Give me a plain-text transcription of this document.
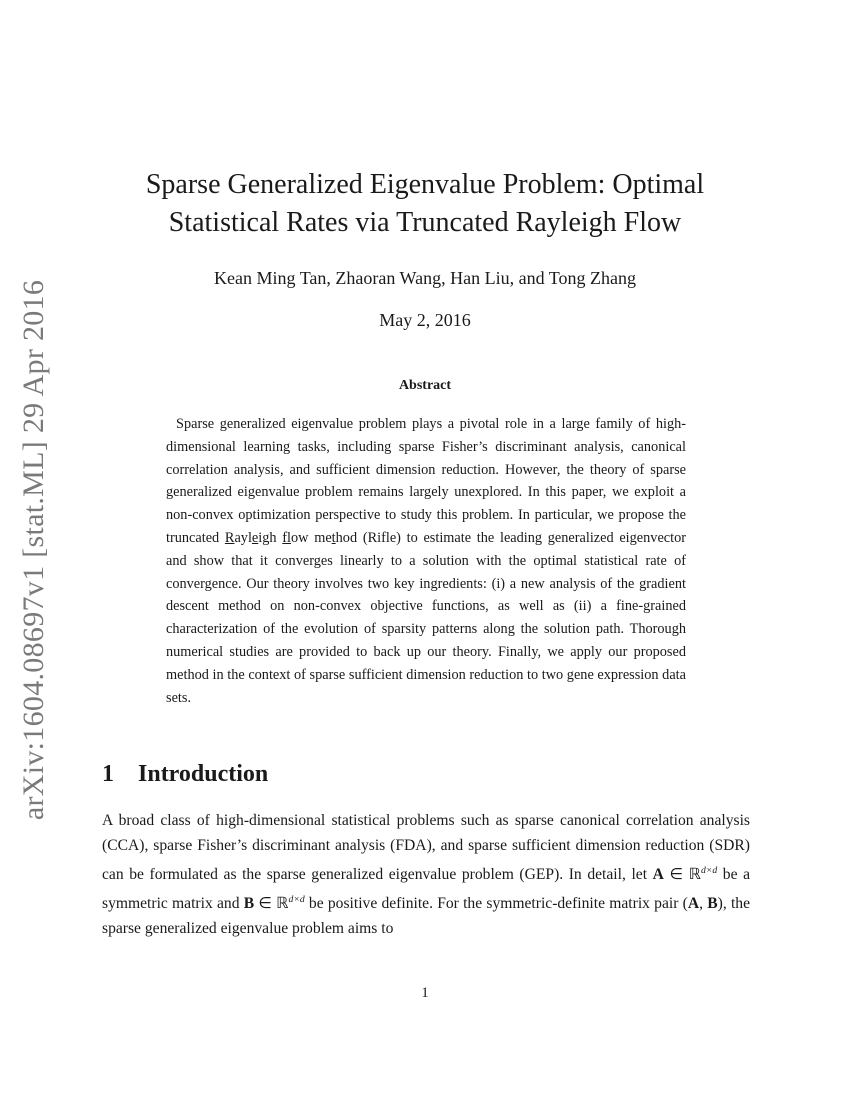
arXiv:1604.08697v1 [stat.ML] 29 Apr 2016
Sparse Generalized Eigenvalue Problem: Optimal
Statistical Rates via Truncated Rayleigh Flow
Kean Ming Tan, Zhaoran Wang, Han Liu, and Tong Zhang
May 2, 2016
Abstract

Sparse generalized eigenvalue problem plays a pivotal role in a large family of high-dimensional learning tasks, including sparse Fisher’s discriminant analysis, canonical correlation analysis, and sufficient dimension reduction. However, the theory of sparse generalized eigenvalue problem remains largely unexplored. In this paper, we exploit a non-convex optimization perspective to study this problem. In particular, we propose the truncated Rayleigh flow method (Rifle) to estimate the leading generalized eigenvector and show that it converges linearly to a solution with the optimal statistical rate of convergence. Our theory involves two key ingredients: (i) a new analysis of the gradient descent method on non-convex objective functions, as well as (ii) a fine-grained characterization of the evolution of sparsity patterns along the solution path. Thorough numerical studies are provided to back up our theory. Finally, we apply our proposed method in the context of sparse sufficient dimension reduction to two gene expression data sets.

1 Introduction

A broad class of high-dimensional statistical problems such as sparse canonical correlation analysis (CCA), sparse Fisher’s discriminant analysis (FDA), and sparse sufficient dimension reduction (SDR) can be formulated as the sparse generalized eigenvalue problem (GEP). In detail, let A ∈ ℝ$^{d\times d}$ be a symmetric matrix and B ∈ ℝ$^{d\times d}$ be positive definite. For the symmetric-definite matrix pair (A, B), the sparse generalized eigenvalue problem aims to

1
